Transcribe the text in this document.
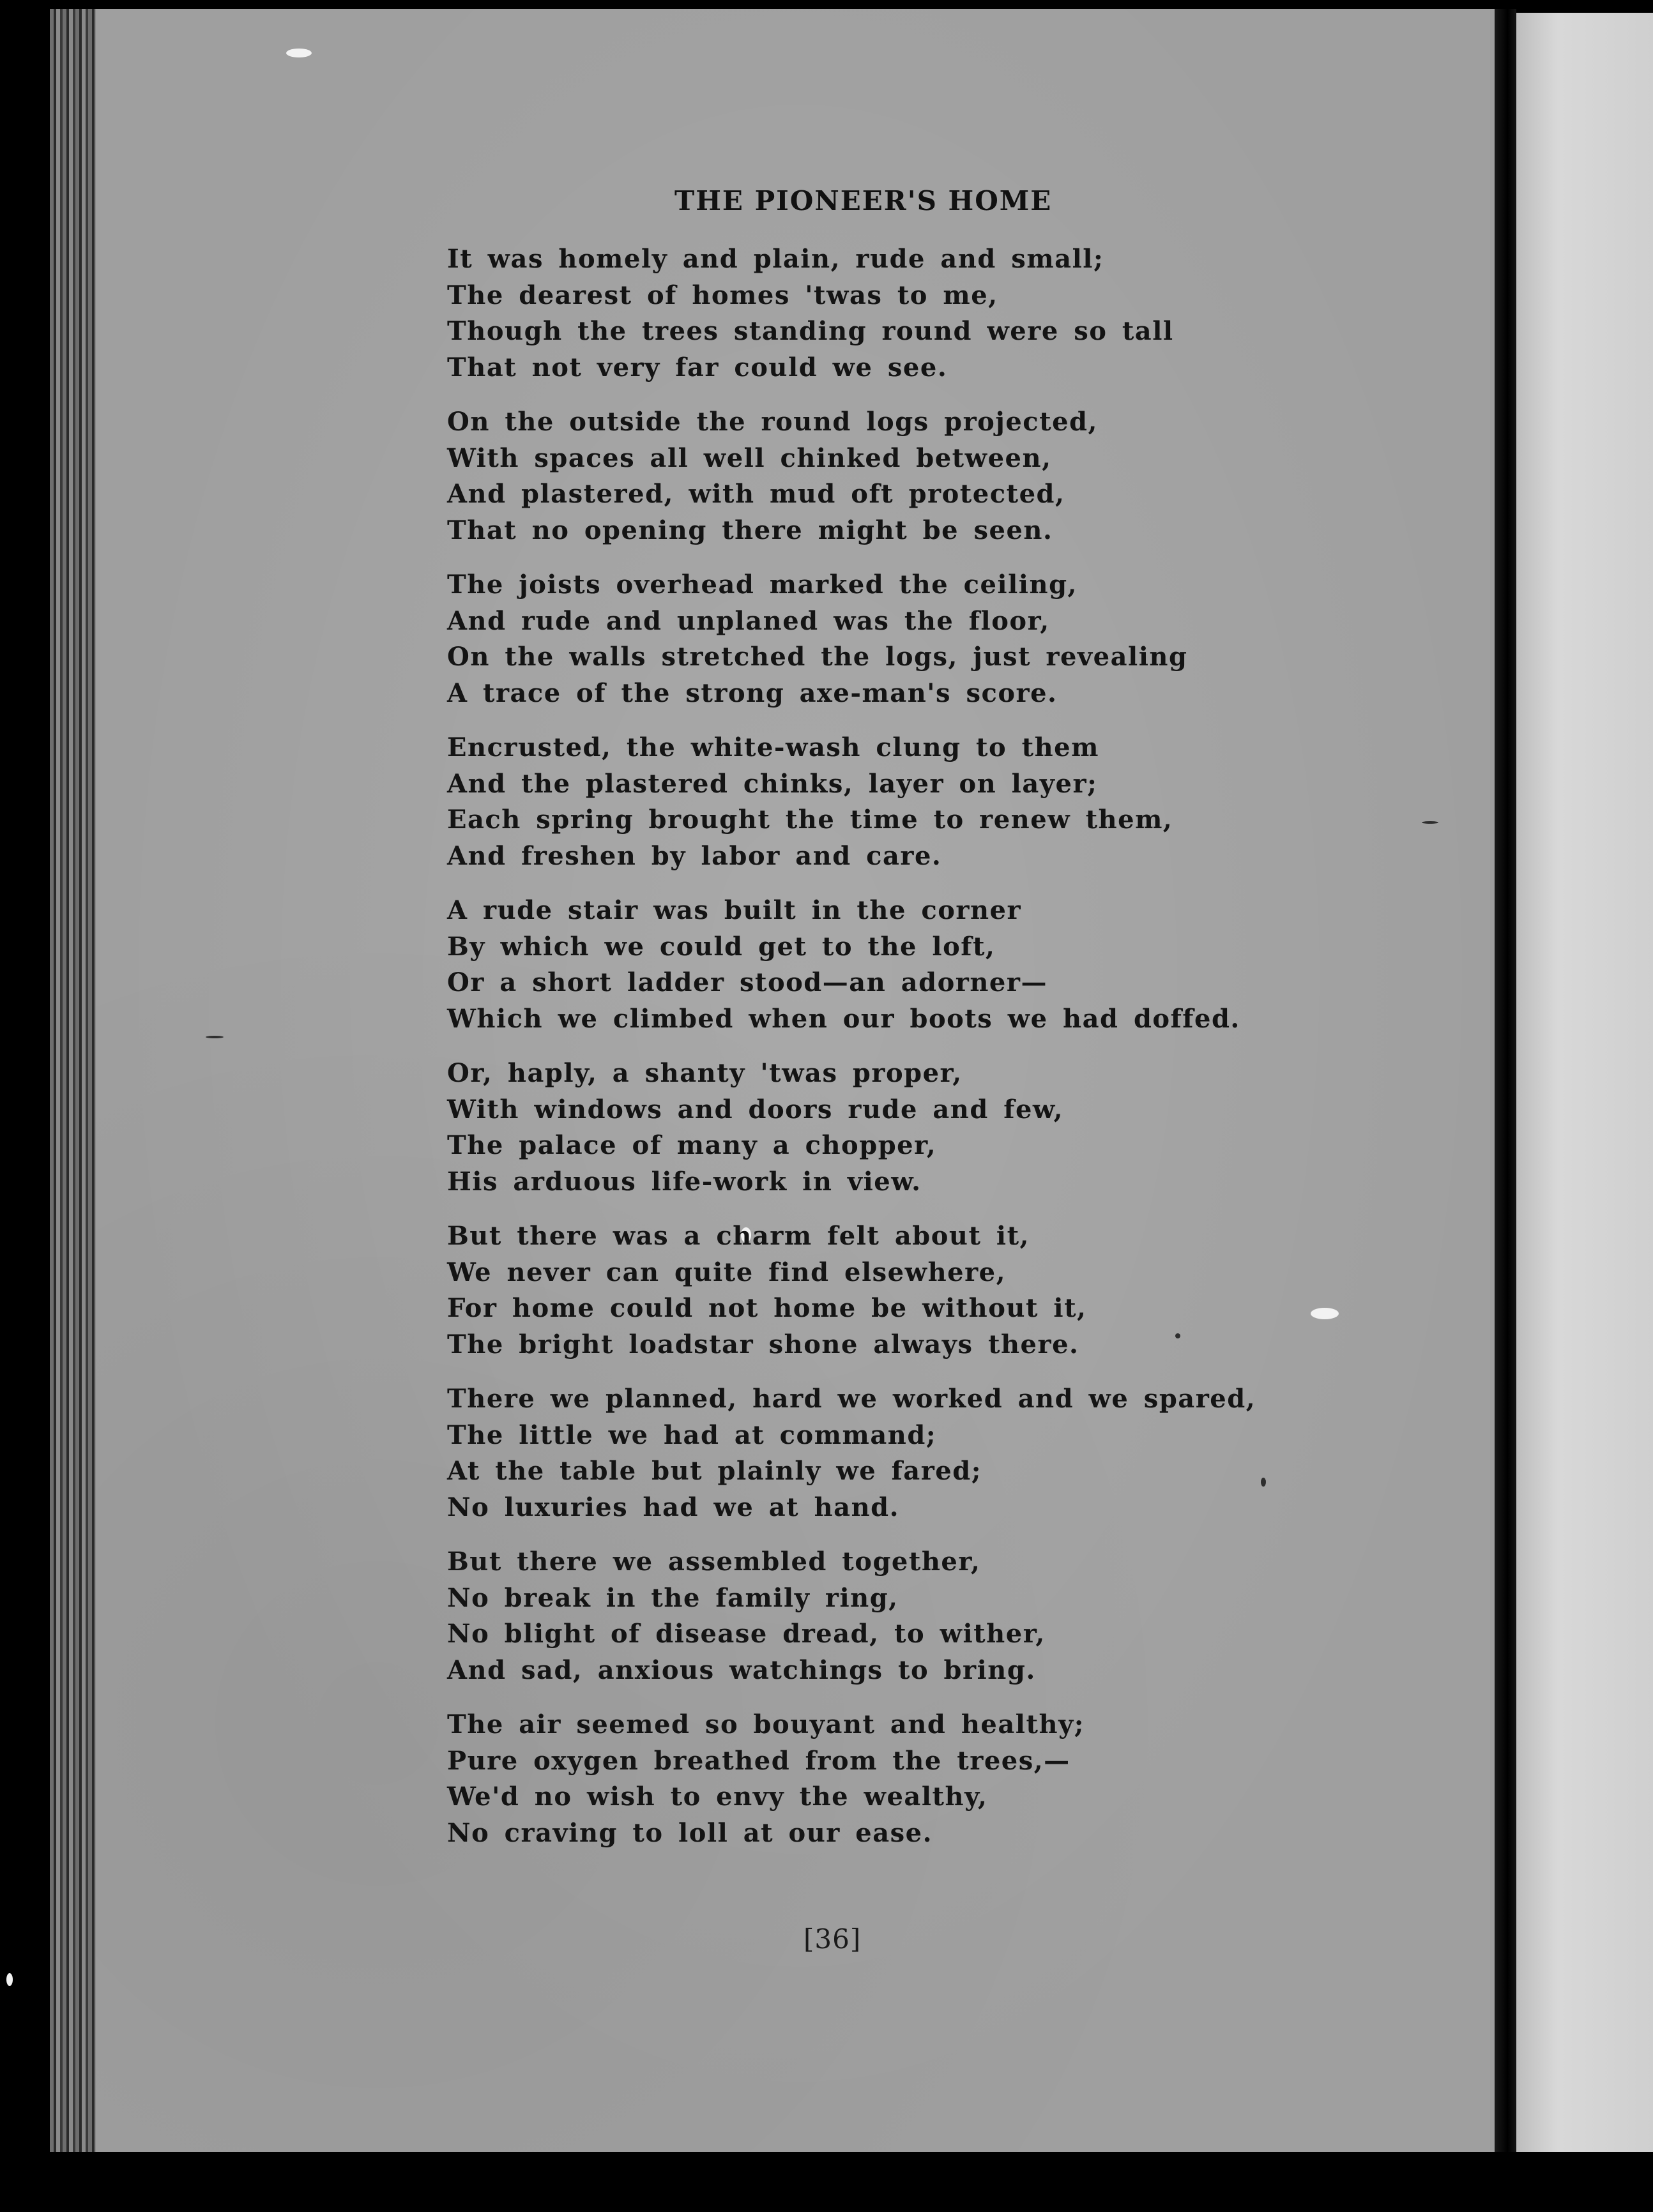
THE PIONEER'S HOME
It was homely and plain, rude and small;
The dearest of homes 'twas to me,
Though the trees standing round were so tall
That not very far could we see.
On the outside the round logs projected,
With spaces all well chinked between,
And plastered, with mud oft protected,
That no opening there might be seen.
The joists overhead marked the ceiling,
And rude and unplaned was the floor,
On the walls stretched the logs, just revealing
A trace of the strong axe-man's score.
Encrusted, the white-wash clung to them
And the plastered chinks, layer on layer;
Each spring brought the time to renew them,
And freshen by labor and care.
A rude stair was built in the corner
By which we could get to the loft,
Or a short ladder stood—an adorner—
Which we climbed when our boots we had doffed.
Or, haply, a shanty 'twas proper,
With windows and doors rude and few,
The palace of many a chopper,
His arduous life-work in view.
But there was a charm felt about it,
We never can quite find elsewhere,
For home could not home be without it,
The bright loadstar shone always there.
There we planned, hard we worked and we spared,
The little we had at command;
At the table but plainly we fared;
No luxuries had we at hand.
But there we assembled together,
No break in the family ring,
No blight of disease dread, to wither,
And sad, anxious watchings to bring.
The air seemed so bouyant and healthy;
Pure oxygen breathed from the trees,—
We'd no wish to envy the wealthy,
No craving to loll at our ease.
[36]
